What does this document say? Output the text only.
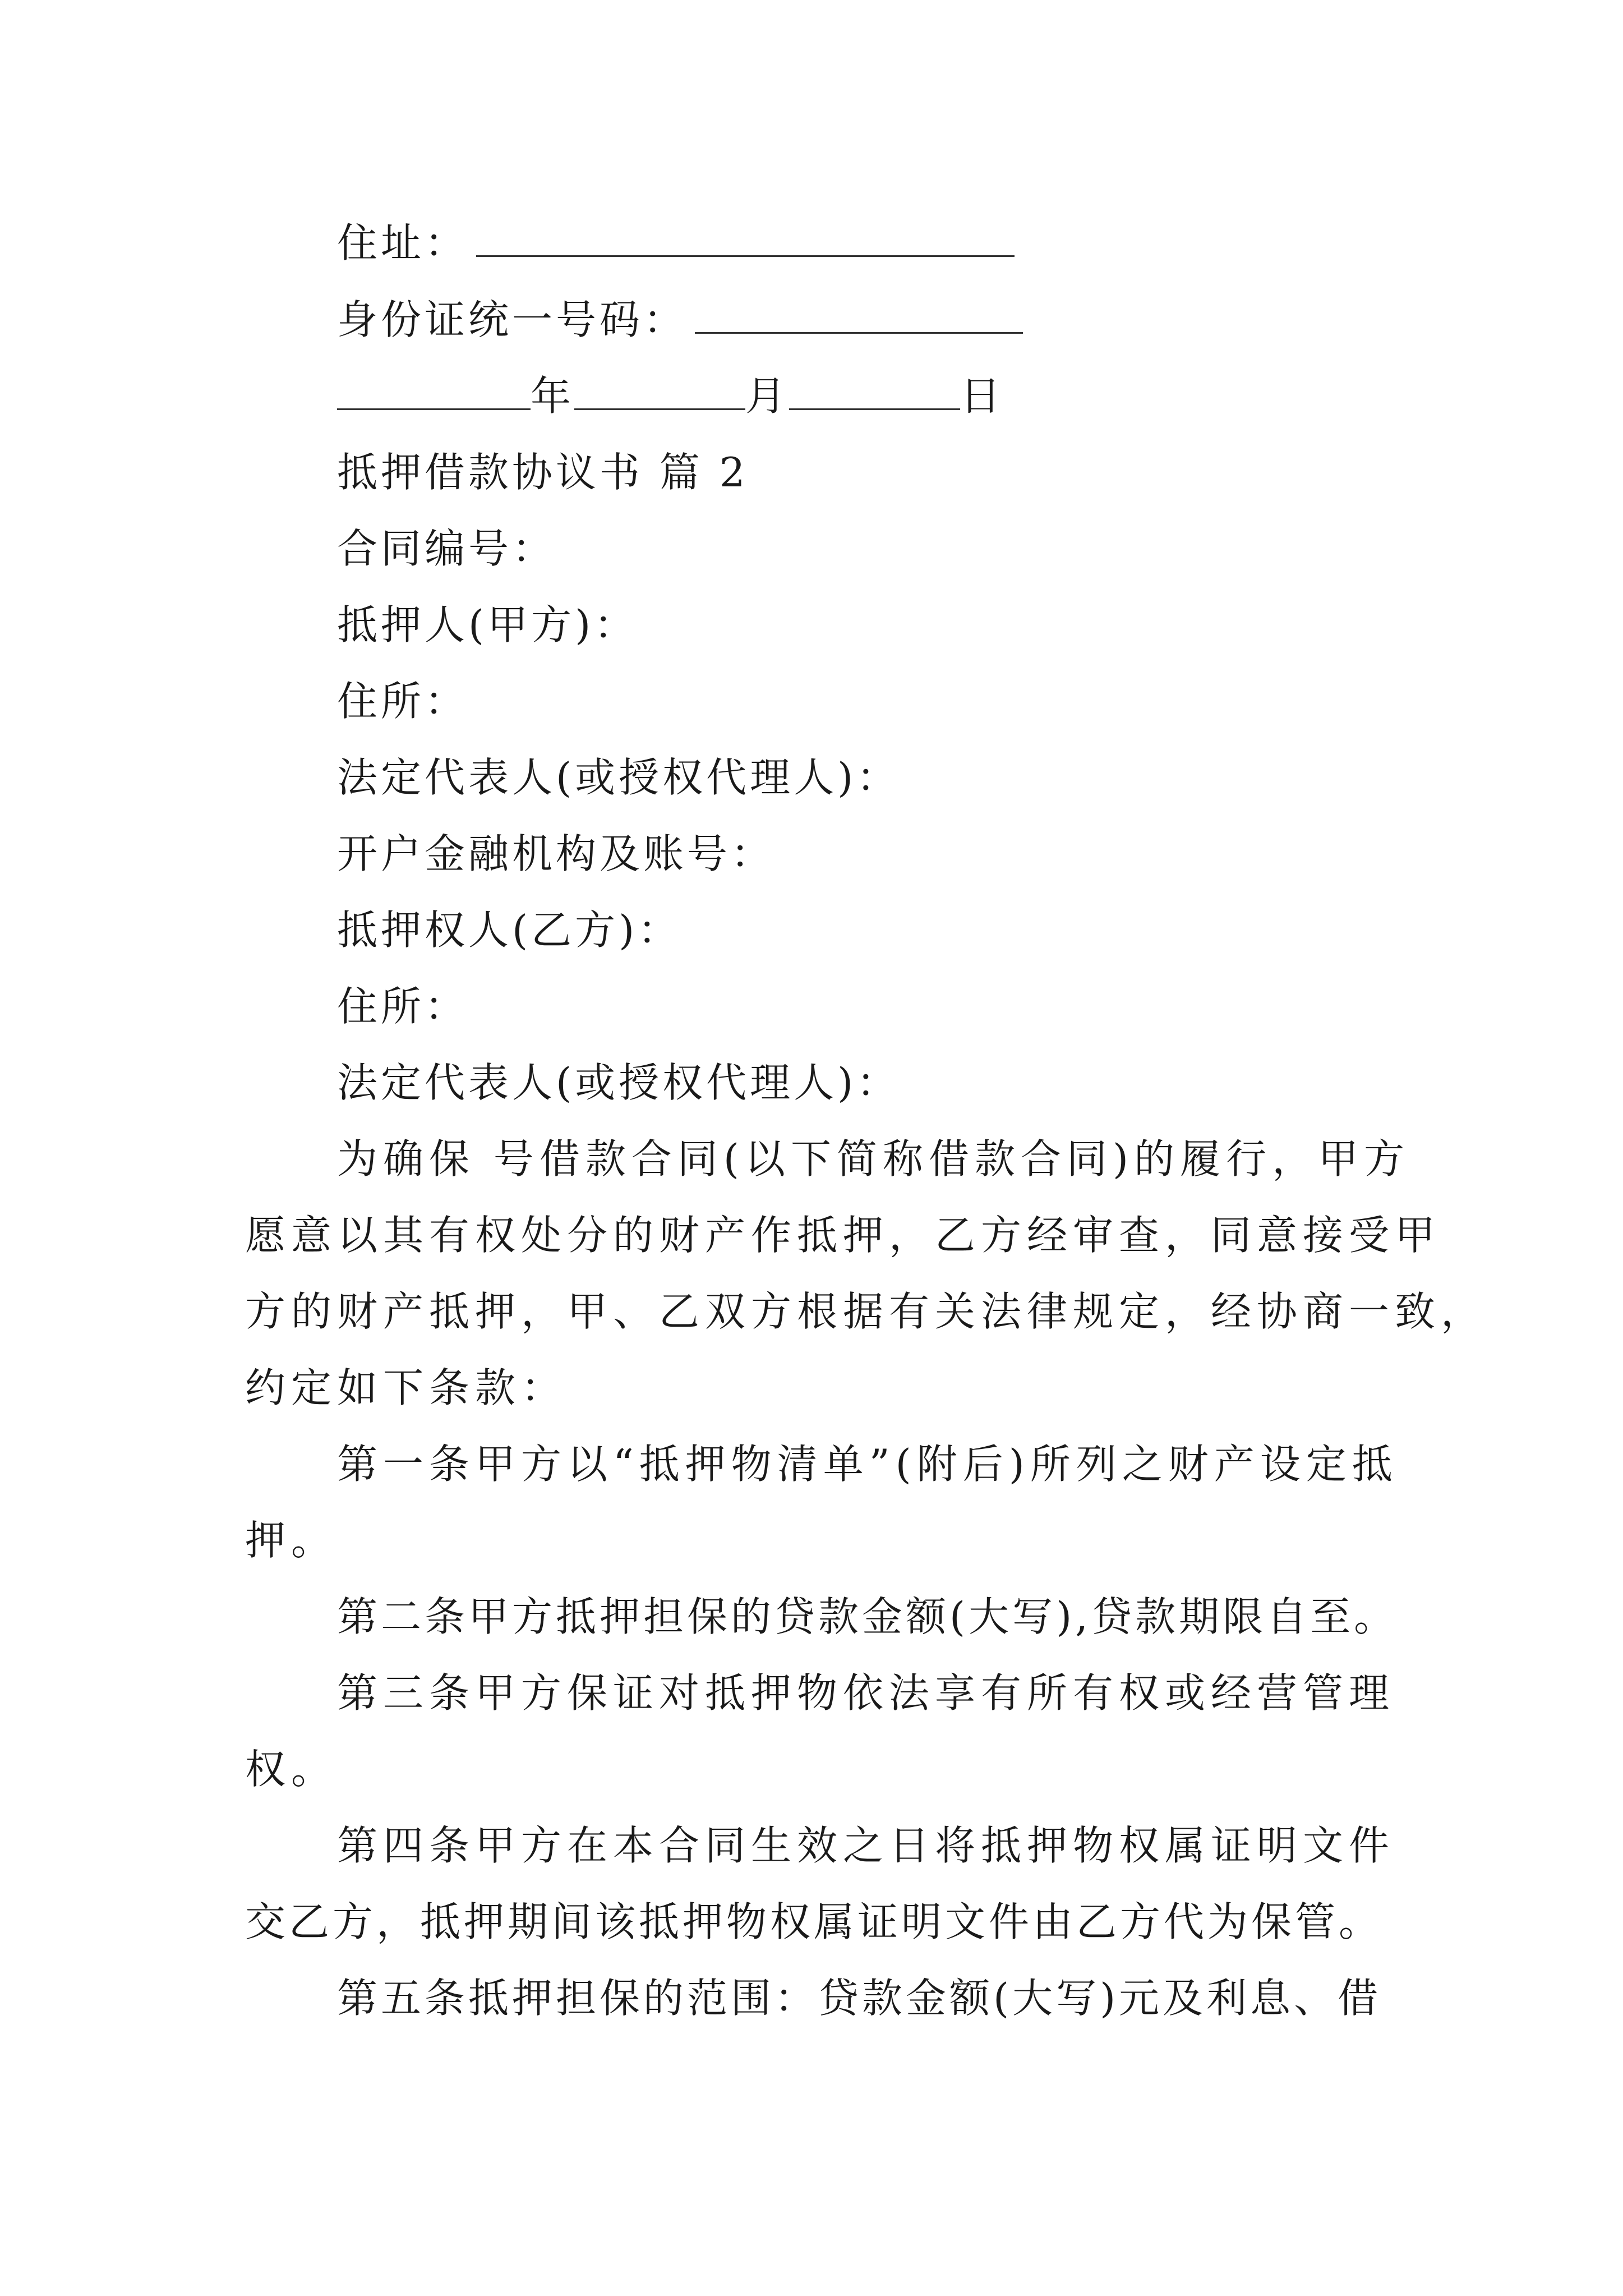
住址：
身份证统一号码：
年	月	日
抵押借款协议书 篇 2
合同编号：
抵押人(甲方)：
住所：
法定代表人(或授权代理人)：
开户金融机构及账号：
抵押权人(乙方)：
住所：
法定代表人(或授权代理人)：
为确保 号借款合同(以下简称借款合同)的履行，甲方
愿意以其有权处分的财产作抵押，乙方经审查，同意接受甲
方的财产抵押，甲、乙双方根据有关法律规定，经协商一致，
约定如下条款：
第一条甲方以“抵押物清单”(附后)所列之财产设定抵
押。
第二条甲方抵押担保的贷款金额(大写),贷款期限自至。
第三条甲方保证对抵押物依法享有所有权或经营管理
权。
第四条甲方在本合同生效之日将抵押物权属证明文件
交乙方，抵押期间该抵押物权属证明文件由乙方代为保管。
第五条抵押担保的范围：贷款金额(大写)元及利息、借
